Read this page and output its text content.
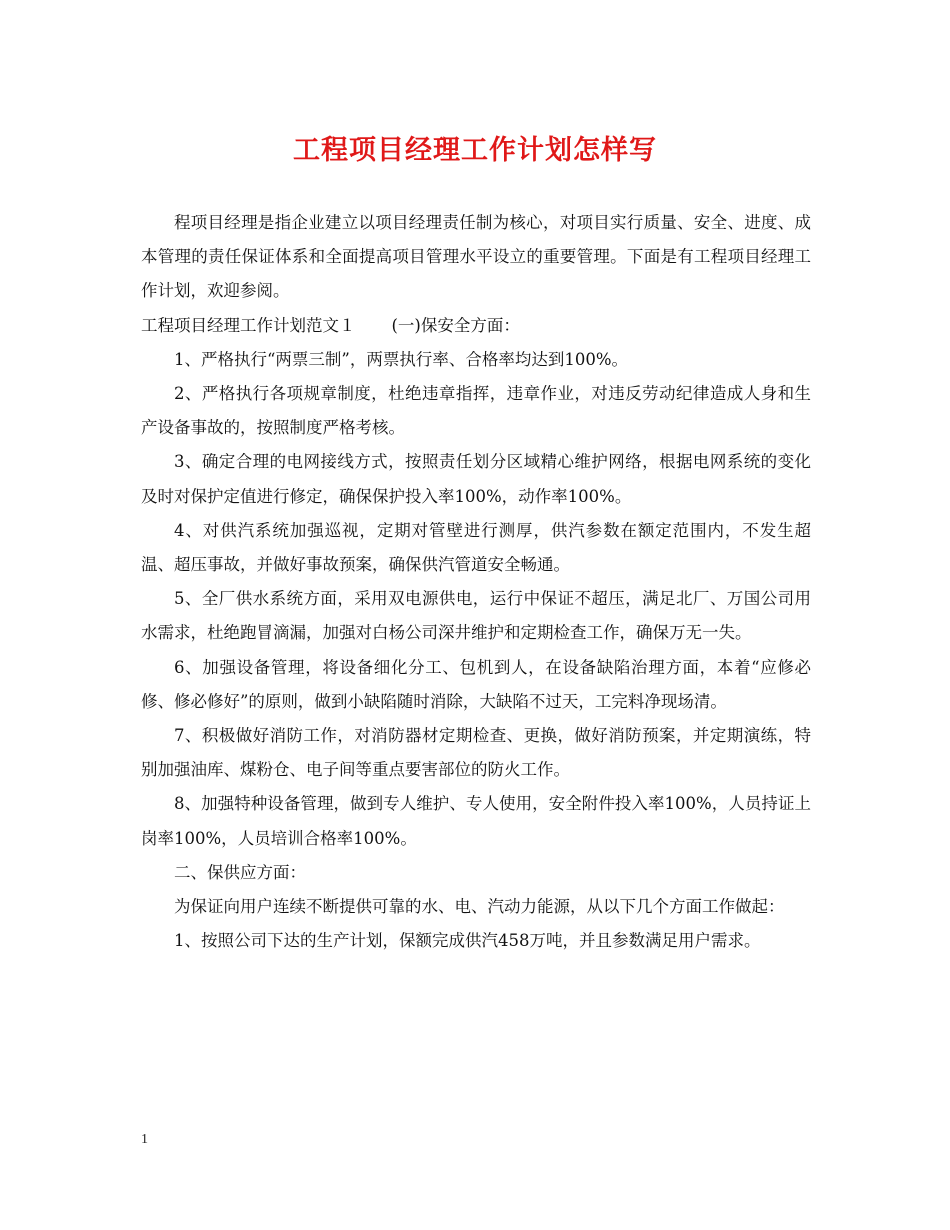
工程项目经理工作计划怎样写

程项目经理是指企业建立以项目经理责任制为核心，对项目实行质量、安全、进度、成本管理的责任保证体系和全面提高项目管理水平设立的重要管理。下面是有工程项目经理工作计划，欢迎参阅。

工程项目经理工作计划范文１ (一)保安全方面：

1、严格执行“两票三制”，两票执行率、合格率均达到100%。

2、严格执行各项规章制度，杜绝违章指挥，违章作业，对违反劳动纪律造成人身和生产设备事故的，按照制度严格考核。

3、确定合理的电网接线方式，按照责任划分区域精心维护网络，根据电网系统的变化及时对保护定值进行修定，确保保护投入率100%，动作率100%。

4、对供汽系统加强巡视，定期对管壁进行测厚，供汽参数在额定范围内，不发生超温、超压事故，并做好事故预案，确保供汽管道安全畅通。

5、全厂供水系统方面，采用双电源供电，运行中保证不超压，满足北厂、万国公司用水需求，杜绝跑冒滴漏，加强对白杨公司深井维护和定期检查工作，确保万无一失。

6、加强设备管理，将设备细化分工、包机到人，在设备缺陷治理方面，本着“应修必修、修必修好”的原则，做到小缺陷随时消除，大缺陷不过天，工完料净现场清。

7、积极做好消防工作，对消防器材定期检查、更换，做好消防预案，并定期演练，特别加强油库、煤粉仓、电子间等重点要害部位的防火工作。

8、加强特种设备管理，做到专人维护、专人使用，安全附件投入率100%，人员持证上岗率100%，人员培训合格率100%。

二、保供应方面：

为保证向用户连续不断提供可靠的水、电、汽动力能源，从以下几个方面工作做起：

1、按照公司下达的生产计划，保额完成供汽458万吨，并且参数满足用户需求。

1
